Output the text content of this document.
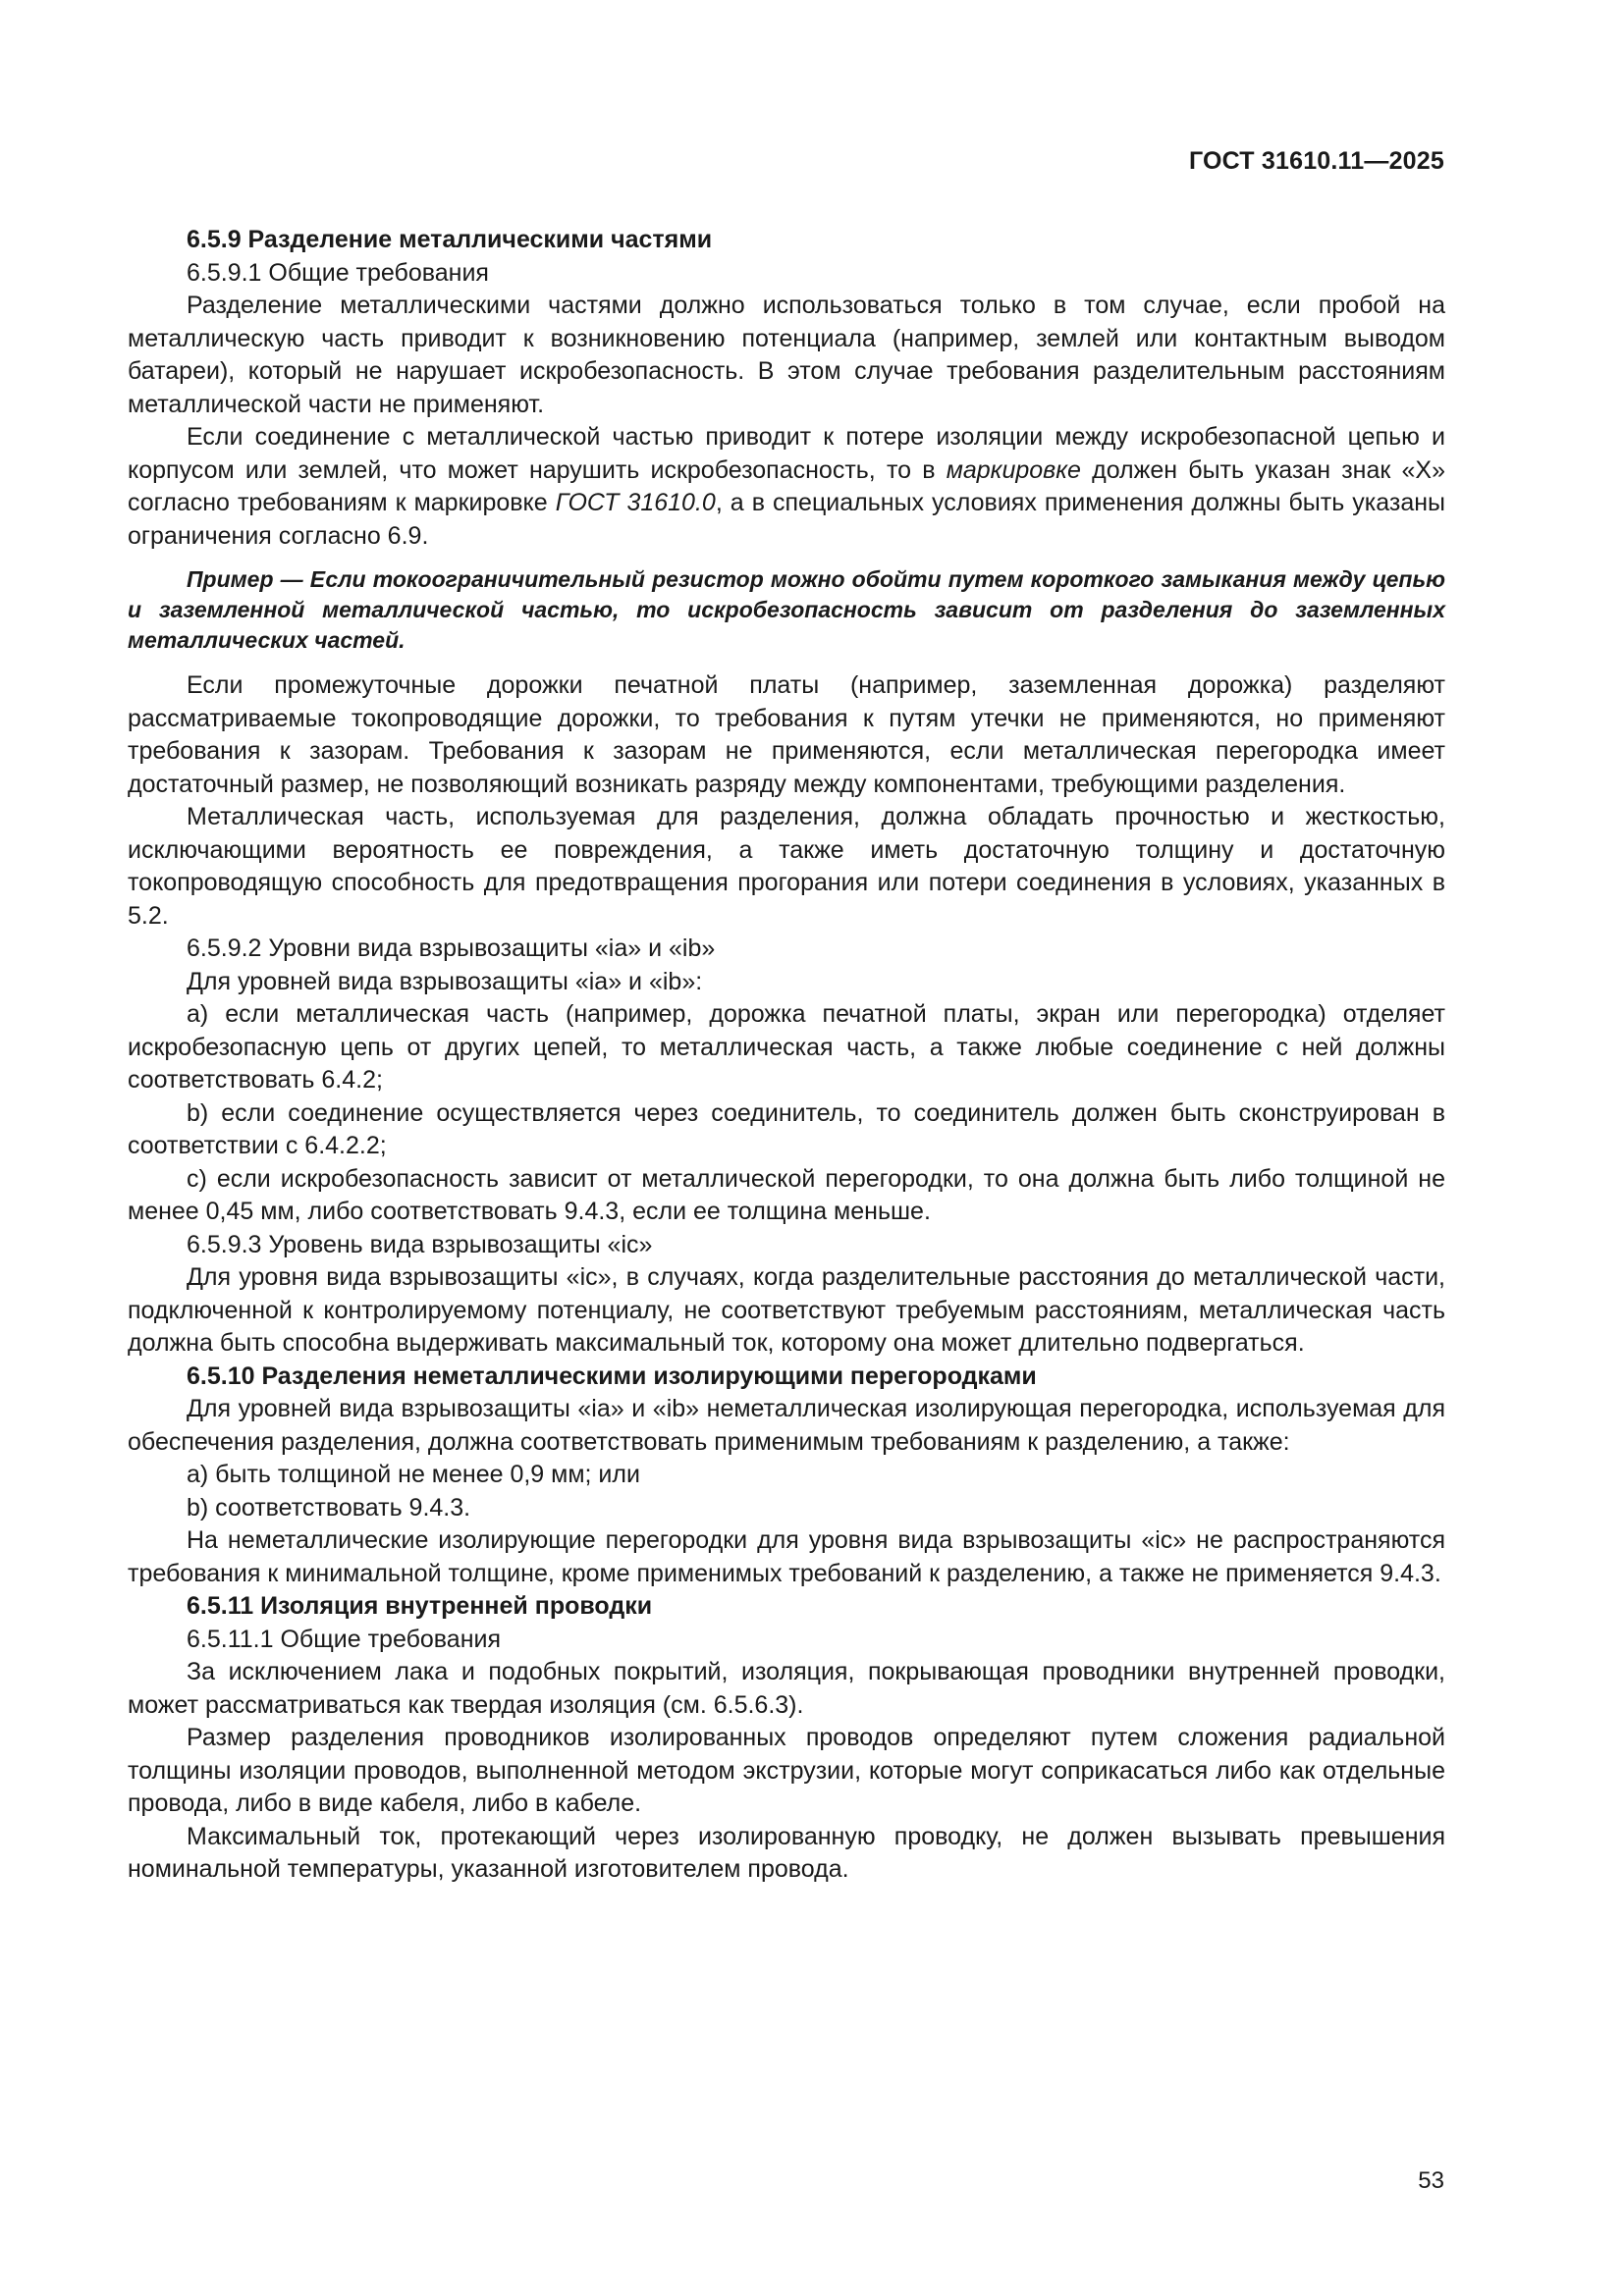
ГОСТ 31610.11—2025

6.5.9 Разделение металлическими частями

6.5.9.1 Общие требования

Разделение металлическими частями должно использоваться только в том случае, если пробой на металлическую часть приводит к возникновению потенциала (например, землей или контактным выводом батареи), который не нарушает искробезопасность. В этом случае требования разделительным расстояниям металлической части не применяют.

Если соединение с металлической частью приводит к потере изоляции между искробезопасной цепью и корпусом или землей, что может нарушить искробезопасность, то в маркировке должен быть указан знак «X» согласно требованиям к маркировке ГОСТ 31610.0, а в специальных условиях применения должны быть указаны ограничения согласно 6.9.

Пример — Если токоограничительный резистор можно обойти путем короткого замыкания между цепью и заземленной металлической частью, то искробезопасность зависит от разделения до заземленных металлических частей.

Если промежуточные дорожки печатной платы (например, заземленная дорожка) разделяют рассматриваемые токопроводящие дорожки, то требования к путям утечки не применяются, но применяют требования к зазорам. Требования к зазорам не применяются, если металлическая перегородка имеет достаточный размер, не позволяющий возникать разряду между компонентами, требующими разделения.

Металлическая часть, используемая для разделения, должна обладать прочностью и жесткостью, исключающими вероятность ее повреждения, а также иметь достаточную толщину и достаточную токопроводящую способность для предотвращения прогорания или потери соединения в условиях, указанных в 5.2.

6.5.9.2 Уровни вида взрывозащиты «ia» и «ib»

Для уровней вида взрывозащиты «ia» и «ib»:

a) если металлическая часть (например, дорожка печатной платы, экран или перегородка) отделяет искробезопасную цепь от других цепей, то металлическая часть, а также любые соединение с ней должны соответствовать 6.4.2;

b) если соединение осуществляется через соединитель, то соединитель должен быть сконструирован в соответствии с 6.4.2.2;

c) если искробезопасность зависит от металлической перегородки, то она должна быть либо толщиной не менее 0,45 мм, либо соответствовать 9.4.3, если ее толщина меньше.

6.5.9.3 Уровень вида взрывозащиты «ic»

Для уровня вида взрывозащиты «ic», в случаях, когда разделительные расстояния до металлической части, подключенной к контролируемому потенциалу, не соответствуют требуемым расстояниям, металлическая часть должна быть способна выдерживать максимальный ток, которому она может длительно подвергаться.

6.5.10 Разделения неметаллическими изолирующими перегородками

Для уровней вида взрывозащиты «ia» и «ib» неметаллическая изолирующая перегородка, используемая для обеспечения разделения, должна соответствовать применимым требованиям к разделению, а также:

a) быть толщиной не менее 0,9 мм; или

b) соответствовать 9.4.3.

На неметаллические изолирующие перегородки для уровня вида взрывозащиты «ic» не распространяются требования к минимальной толщине, кроме применимых требований к разделению, а также не применяется 9.4.3.

6.5.11 Изоляция внутренней проводки

6.5.11.1 Общие требования

За исключением лака и подобных покрытий, изоляция, покрывающая проводники внутренней проводки, может рассматриваться как твердая изоляция (см. 6.5.6.3).

Размер разделения проводников изолированных проводов определяют путем сложения радиальной толщины изоляции проводов, выполненной методом экструзии, которые могут соприкасаться либо как отдельные провода, либо в виде кабеля, либо в кабеле.

Максимальный ток, протекающий через изолированную проводку, не должен вызывать превышения номинальной температуры, указанной изготовителем провода.

53
